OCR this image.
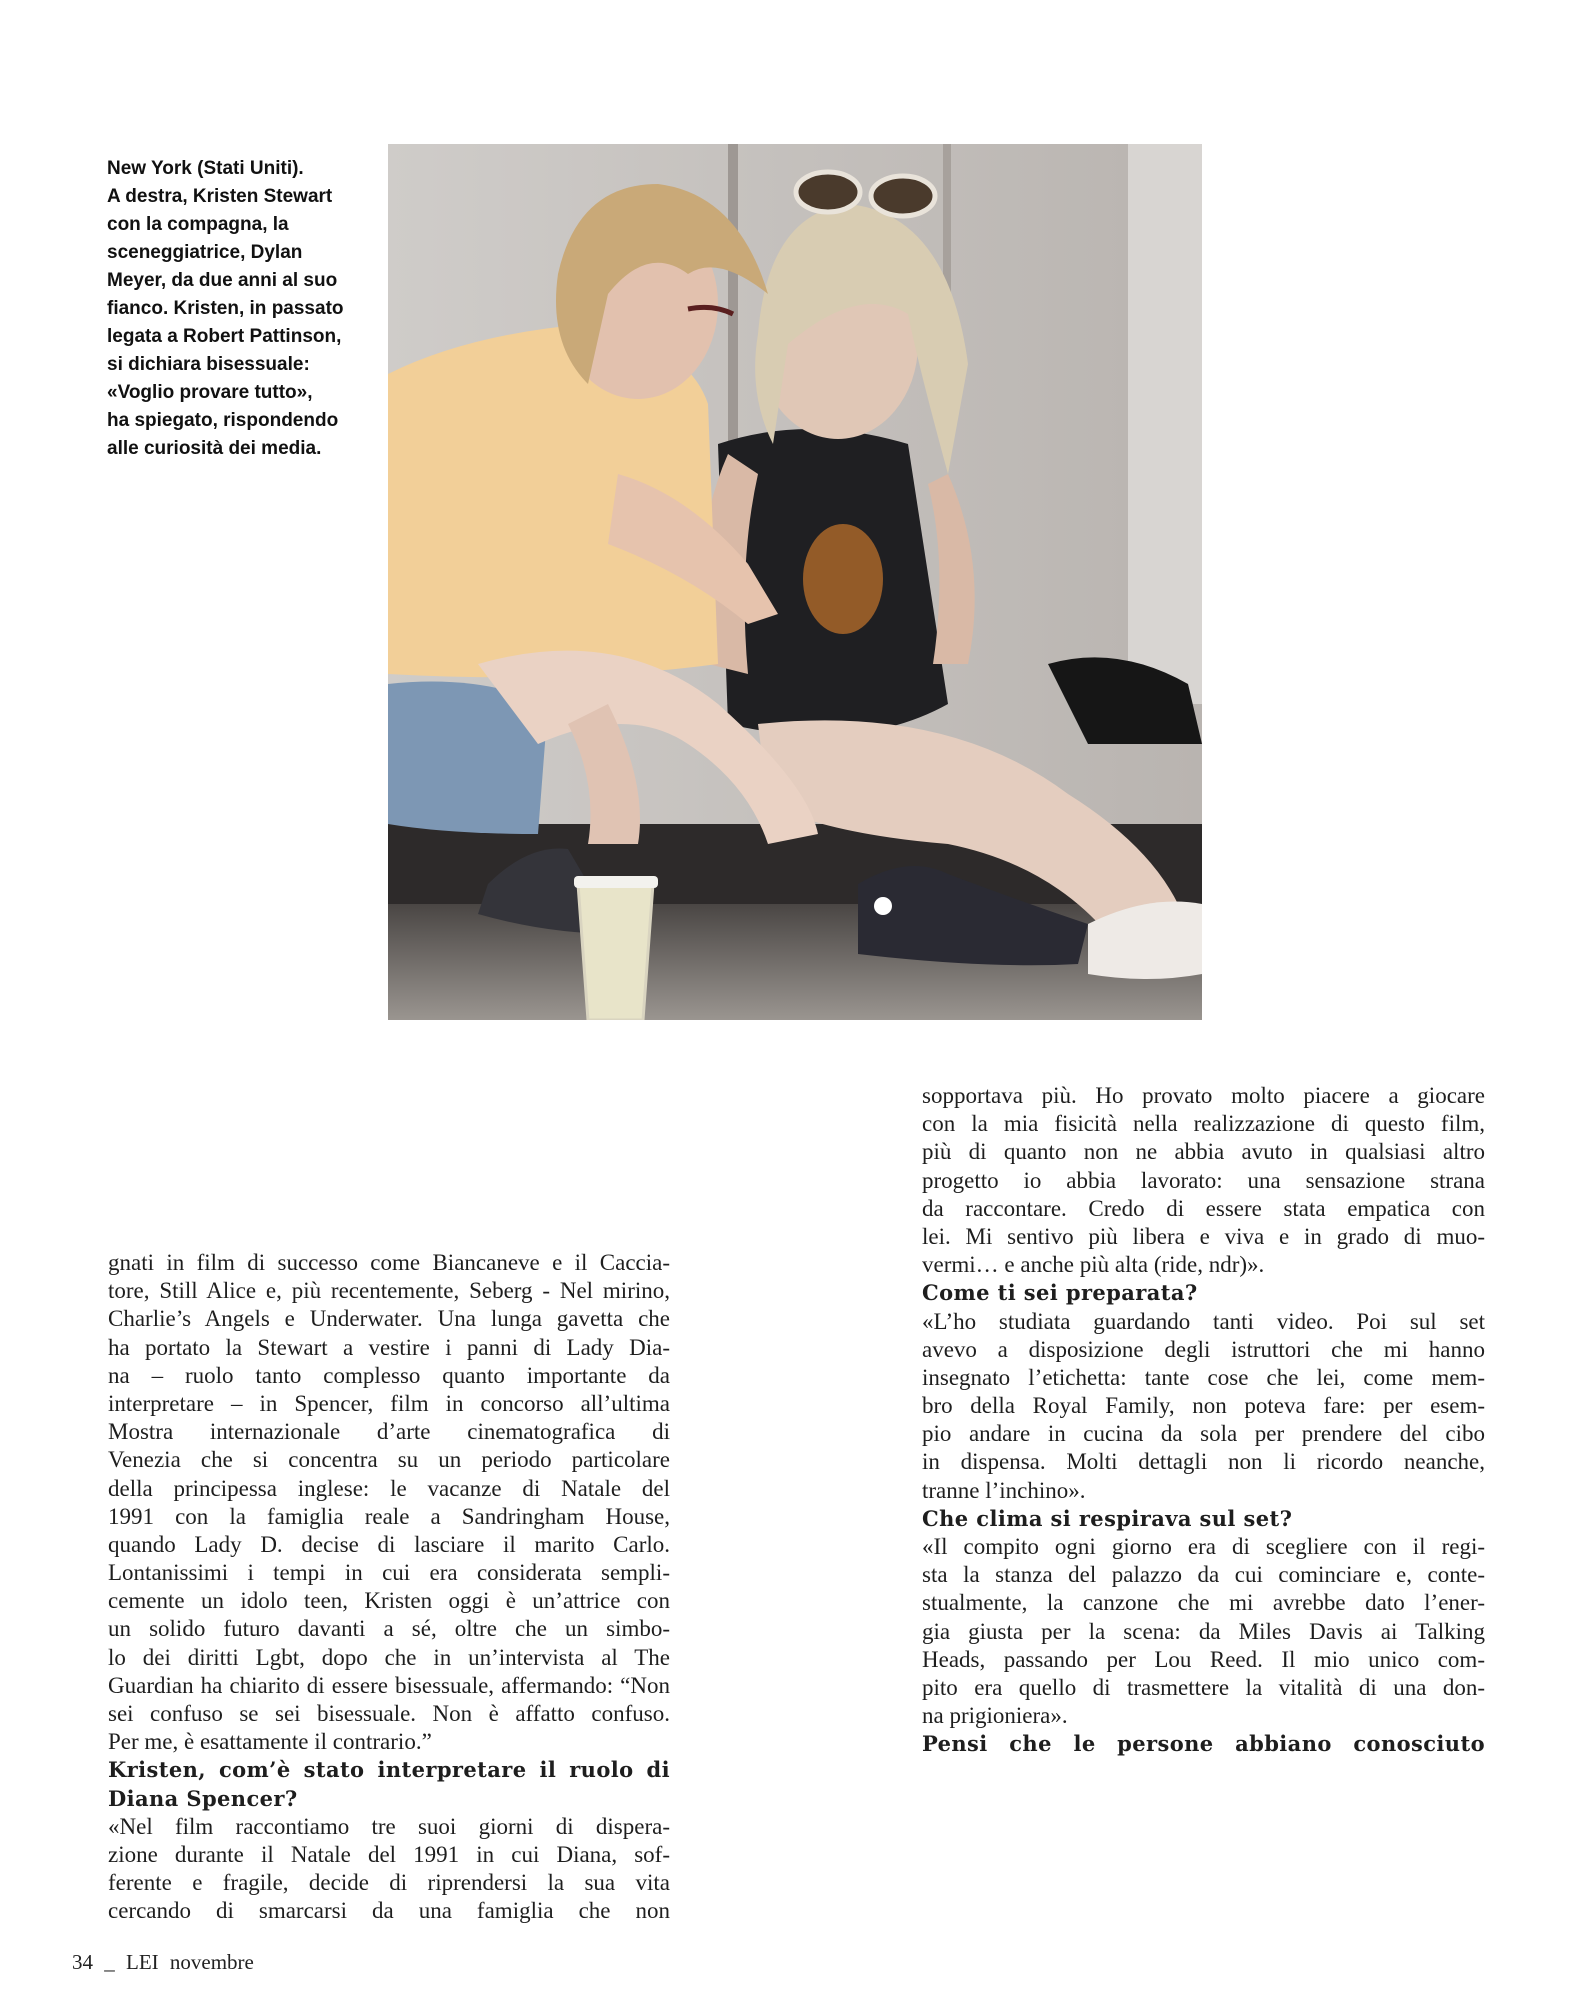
New York (Stati Uniti).
A destra, Kristen Stewart
con la compagna, la
sceneggiatrice, Dylan
Meyer, da due anni al suo
fianco. Kristen, in passato
legata a Robert Pattinson,
si dichiara bisessuale:
«Voglio provare tutto»,
ha spiegato, rispondendo
alle curiosità dei media.
gnati in film di successo come Biancaneve e il Caccia-
tore, Still Alice e, più recentemente, Seberg - Nel mirino,
Charlie’s Angels e Underwater. Una lunga gavetta che
ha portato la Stewart a vestire i panni di Lady Dia-
na – ruolo tanto complesso quanto importante da
interpretare – in Spencer, film in concorso all’ultima
Mostra internazionale d’arte cinematografica di
Venezia che si concentra su un periodo particolare
della principessa inglese: le vacanze di Natale del
1991 con la famiglia reale a Sandringham House,
quando Lady D. decise di lasciare il marito Carlo.
Lontanissimi i tempi in cui era considerata sempli-
cemente un idolo teen, Kristen oggi è un’attrice con
un solido futuro davanti a sé, oltre che un simbo-
lo dei diritti Lgbt, dopo che in un’intervista al The
Guardian ha chiarito di essere bisessuale, affermando: “Non
sei confuso se sei bisessuale. Non è affatto confuso.
Per me, è esattamente il contrario.”
Kristen, com’è stato interpretare il ruolo di
Diana Spencer?
«Nel film raccontiamo tre suoi giorni di dispera-
zione durante il Natale del 1991 in cui Diana, sof-
ferente e fragile, decide di riprendersi la sua vita
cercando di smarcarsi da una famiglia che non
sopportava più. Ho provato molto piacere a giocare
con la mia fisicità nella realizzazione di questo film,
più di quanto non ne abbia avuto in qualsiasi altro
progetto io abbia lavorato: una sensazione strana
da raccontare. Credo di essere stata empatica con
lei. Mi sentivo più libera e viva e in grado di muo-
vermi… e anche più alta (ride, ndr)».
Come ti sei preparata?
«L’ho studiata guardando tanti video. Poi sul set
avevo a disposizione degli istruttori che mi hanno
insegnato l’etichetta: tante cose che lei, come mem-
bro della Royal Family, non poteva fare: per esem-
pio andare in cucina da sola per prendere del cibo
in dispensa. Molti dettagli non li ricordo neanche,
tranne l’inchino».
Che clima si respirava sul set?
«Il compito ogni giorno era di scegliere con il regi-
sta la stanza del palazzo da cui cominciare e, conte-
stualmente, la canzone che mi avrebbe dato l’ener-
gia giusta per la scena: da Miles Davis ai Talking
Heads, passando per Lou Reed. Il mio unico com-
pito era quello di trasmettere la vitalità di una don-
na prigioniera».
Pensi che le persone abbiano conosciuto
34 _ LEI novembre
